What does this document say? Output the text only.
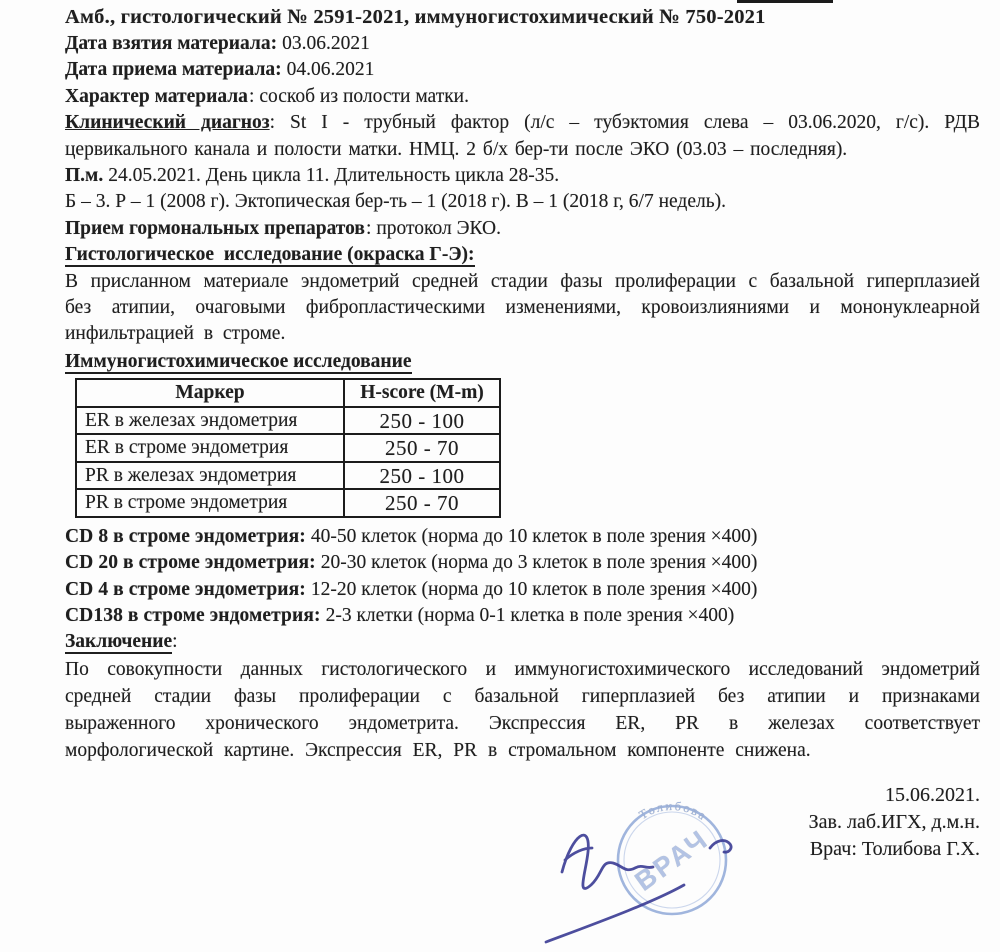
Амб., гистологический № 2591-2021, иммуногистохимический № 750-2021
Дата взятия материала: 03.06.2021
Дата приема материала: 04.06.2021
Характер материала: соскоб из полости матки.

Клинический диагноз: St I - трубный фактор (л/с – тубэктомия слева – 03.06.2020, г/с). РДВ цервикального канала и полости матки. НМЦ. 2 б/х бер-ти после ЭКО (03.03 – последняя).

П.м. 24.05.2021. День цикла 11. Длительность цикла 28-35.
Б – 3. Р – 1 (2008 г). Эктопическая бер-ть – 1 (2018 г). В – 1 (2018 г, 6/7 недель).
Прием гормональных препаратов: протокол ЭКО.
Гистологическое  исследование (окраска Г-Э):

В присланном материале эндометрий средней стадии фазы пролиферации с базальной гиперплазией без атипии, очаговыми фибропластическими изменениями, кровоизлияниями и мононуклеарной инфильтрацией в строме.

Иммуногистохимическое исследование
Маркер	H-score (M-m)
ER в железах эндометрия	250 - 100
ER в строме эндометрия	250 - 70
PR в железах эндометрия	250 - 100
PR в строме эндометрия	250 - 70
CD 8 в строме эндометрия: 40-50 клеток (норма до 10 клеток в поле зрения ×400)
CD 20 в строме эндометрия: 20-30 клеток (норма до 3 клеток в поле зрения ×400)
CD 4 в строме эндометрия: 12-20 клеток (норма до 10 клеток в поле зрения ×400)
CD138 в строме эндометрия: 2-3 клетки (норма 0-1 клетка в поле зрения ×400)
Заключение:

По совокупности данных гистологического и иммуногистохимического исследований эндометрий средней стадии фазы пролиферации с базальной гиперплазией без атипии и признаками выраженного хронического эндометрита. Экспрессия ER, PR в железах соответствует морфологической картине. Экспрессия ER, PR в стромальном компоненте снижена.

15.06.2021.
Зав. лаб.ИГХ, д.м.н.
Врач: Толибова Г.Х.
Толибова
ВРАЧ
